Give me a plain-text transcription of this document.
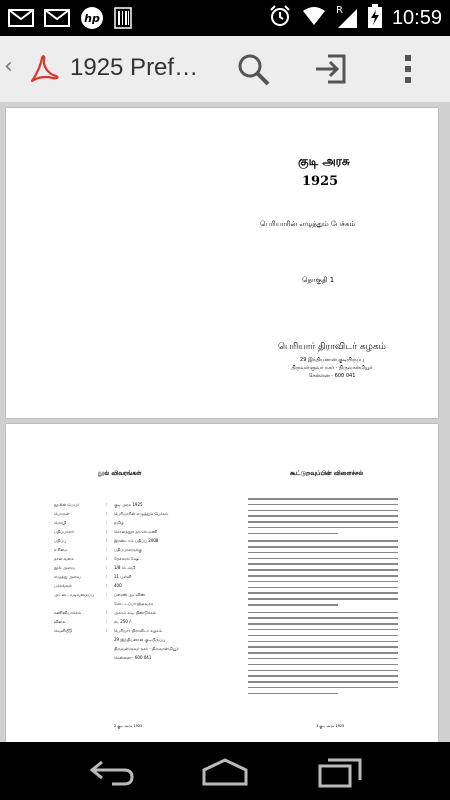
hp
R 10:59
‹ 1925 Pref…
குடி அரசு
1925
பெரியாரின் எழுத்தும் பேச்சும்
தொகுதி 1
பெரியார் திராவிடர் கழகம்
29 இந்தியனான குடியிருப்பு
திருவள்ளுவர் நகர் - திருவான்மியூர்
சென்னை - 600 041
நூல் விவரங்கள்	கூட்டுறவுப்பின் விளைச்சல்
நூலின் பெயர்	: குடி அரசு 1925
பொருள்	: பெரியாரின் எழுத்தும் பேச்சும்
மொழி	: தமிழ்
பதிப்பாளர்	: கொளத்தூர் தா.செ.மணி
பதிப்பு	: இரண்டாம் பதிப்பு 2008
உரிமை	: பதிப்பாளருக்கு
தாள் வகை	: நேச்சுரல் ஷேட்
நூல் அளவு	: 1/8 டெம்மி
எழுத்து அளவு	: 11 புள்ளி
பக்கங்கள்	: 400
அட்டை வடிவமைப்பு	: ப்ரைஸ் அட்விஸ்
கோட்டப்பா இளவரசு
கணினியாக்கம்	: அகரம் கடி, திண்டுக்கல்
விலை	: ரூ. 250 /-
வெளியீடு	: பெரியார் திராவிடர் கழகம்
29 இந்தியனான குடியிருப்பு
திருவள்ளுவர் நகர் - திருவான்மியூர்
சென்னை - 600 041
2 குடி அரசு 1925	3 குடி அரசு 1925
